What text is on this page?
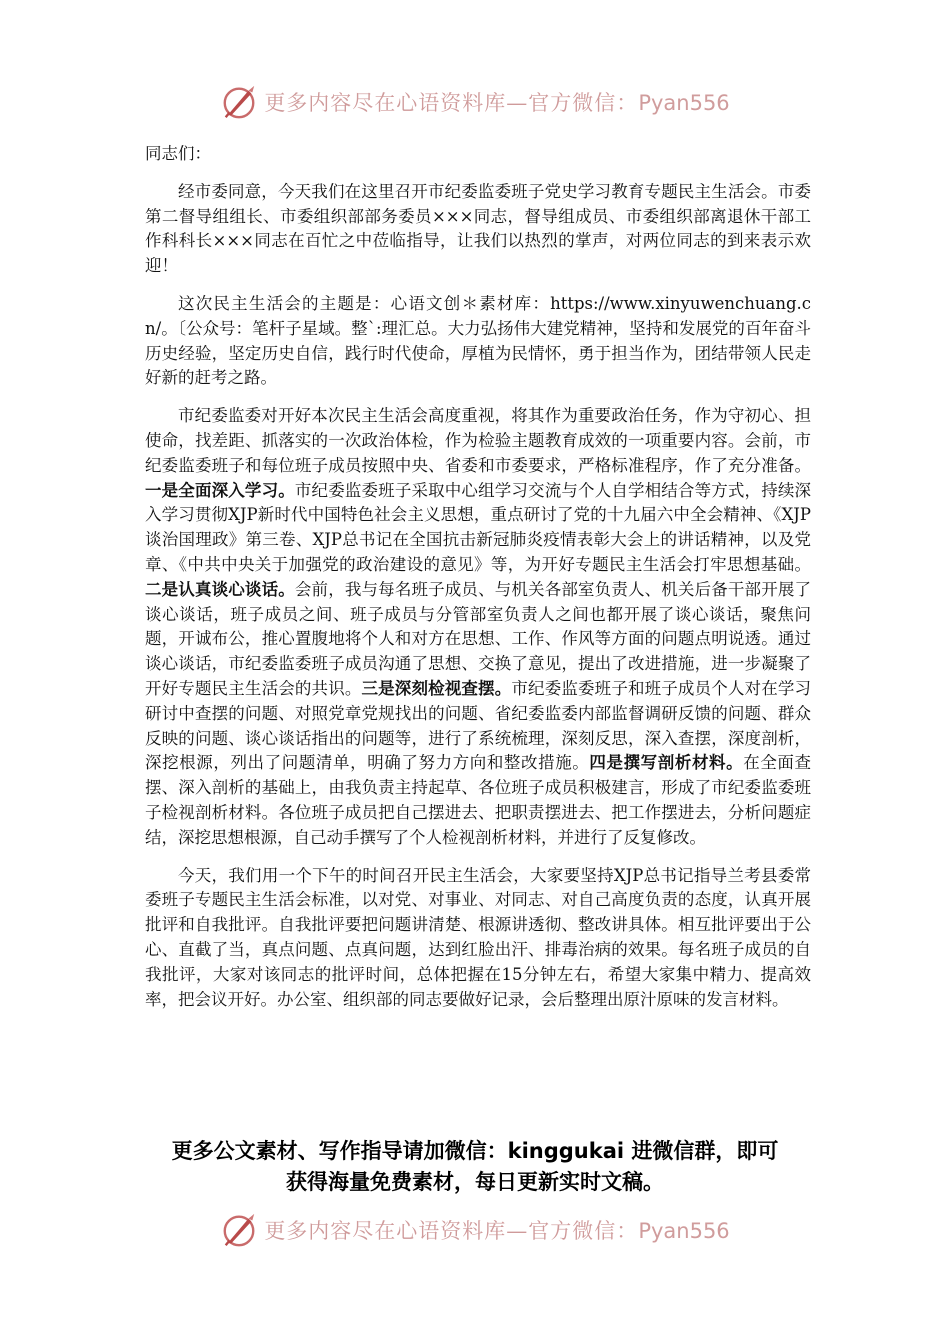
更多内容尽在心语资料库—官方微信：Pyan556

同志们：

经市委同意，今天我们在这里召开市纪委监委班子党史学习教育专题民主生活会。市委第二督导组组长、市委组织部部务委员×××同志，督导组成员、市委组织部离退休干部工作科科长×××同志在百忙之中莅临指导，让我们以热烈的掌声，对两位同志的到来表示欢迎！

这次民主生活会的主题是：心语文创＊素材库：https://www.xinyuwenchuang.cn/。〔公众号：笔杆子星域。整`:理汇总。大力弘扬伟大建党精神，坚持和发展党的百年奋斗历史经验，坚定历史自信，践行时代使命，厚植为民情怀，勇于担当作为，团结带领人民走好新的赶考之路。

市纪委监委对开好本次民主生活会高度重视，将其作为重要政治任务，作为守初心、担使命，找差距、抓落实的一次政治体检，作为检验主题教育成效的一项重要内容。会前，市纪委监委班子和每位班子成员按照中央、省委和市委要求，严格标准程序，作了充分准备。一是全面深入学习。市纪委监委班子采取中心组学习交流与个人自学相结合等方式，持续深入学习贯彻XJP新时代中国特色社会主义思想，重点研讨了党的十九届六中全会精神、《XJP谈治国理政》第三卷、XJP总书记在全国抗击新冠肺炎疫情表彰大会上的讲话精神，以及党章、《中共中央关于加强党的政治建设的意见》等，为开好专题民主生活会打牢思想基础。二是认真谈心谈话。会前，我与每名班子成员、与机关各部室负责人、机关后备干部开展了谈心谈话，班子成员之间、班子成员与分管部室负责人之间也都开展了谈心谈话，聚焦问题，开诚布公，推心置腹地将个人和对方在思想、工作、作风等方面的问题点明说透。通过谈心谈话，市纪委监委班子成员沟通了思想、交换了意见，提出了改进措施，进一步凝聚了开好专题民主生活会的共识。三是深刻检视查摆。市纪委监委班子和班子成员个人对在学习研讨中查摆的问题、对照党章党规找出的问题、省纪委监委内部监督调研反馈的问题、群众反映的问题、谈心谈话指出的问题等，进行了系统梳理，深刻反思，深入查摆，深度剖析，深挖根源，列出了问题清单，明确了努力方向和整改措施。四是撰写剖析材料。在全面查摆、深入剖析的基础上，由我负责主持起草、各位班子成员积极建言，形成了市纪委监委班子检视剖析材料。各位班子成员把自己摆进去、把职责摆进去、把工作摆进去，分析问题症结，深挖思想根源，自己动手撰写了个人检视剖析材料，并进行了反复修改。

今天，我们用一个下午的时间召开民主生活会，大家要坚持XJP总书记指导兰考县委常委班子专题民主生活会标准，以对党、对事业、对同志、对自己高度负责的态度，认真开展批评和自我批评。自我批评要把问题讲清楚、根源讲透彻、整改讲具体。相互批评要出于公心、直截了当，真点问题、点真问题，达到红脸出汗、排毒治病的效果。每名班子成员的自我批评，大家对该同志的批评时间，总体把握在15分钟左右，希望大家集中精力、提高效率，把会议开好。办公室、组织部的同志要做好记录，会后整理出原汁原味的发言材料。

更多公文素材、写作指导请加微信：kinggukai 进微信群，即可
获得海量免费素材，每日更新实时文稿。
更多内容尽在心语资料库—官方微信：Pyan556
